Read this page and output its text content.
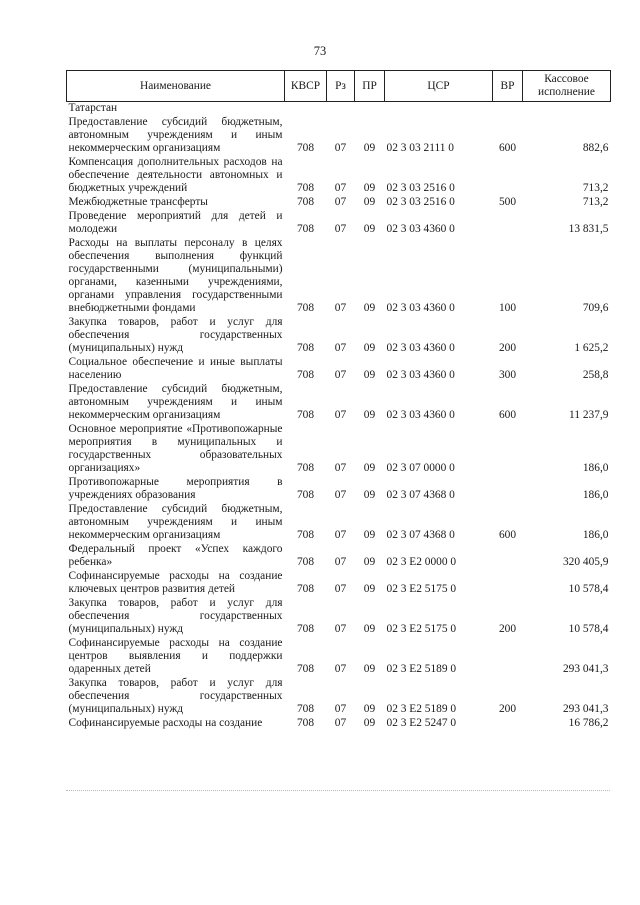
73
Наименование	КВСР	Рз	ПР	ЦСР	ВР	Кассовое исполнение
Татарстан						
Предоставление субсидий бюджетным, автономным учреждениям и иным некоммерческим организациям	708	07	09	02 3 03 2111 0	600	882,6
Компенсация дополнительных расходов на обеспечение деятельности автономных и бюджетных учреждений	708	07	09	02 3 03 2516 0		713,2
Межбюджетные трансферты	708	07	09	02 3 03 2516 0	500	713,2
Проведение мероприятий для детей и молодежи	708	07	09	02 3 03 4360 0		13 831,5
Расходы на выплаты персоналу в целях обеспечения выполнения функций государственными (муниципальными) органами, казенными учреждениями, органами управления государственными внебюджетными фондами	708	07	09	02 3 03 4360 0	100	709,6
Закупка товаров, работ и услуг для обеспечения государственных (муниципальных) нужд	708	07	09	02 3 03 4360 0	200	1 625,2
Социальное обеспечение и иные выплаты населению	708	07	09	02 3 03 4360 0	300	258,8
Предоставление субсидий бюджетным, автономным учреждениям и иным некоммерческим организациям	708	07	09	02 3 03 4360 0	600	11 237,9
Основное мероприятие «Противопожарные мероприятия в муниципальных и государственных образовательных организациях»	708	07	09	02 3 07 0000 0		186,0
Противопожарные мероприятия в учреждениях образования	708	07	09	02 3 07 4368 0		186,0
Предоставление субсидий бюджетным, автономным учреждениям и иным некоммерческим организациям	708	07	09	02 3 07 4368 0	600	186,0
Федеральный проект «Успех каждого ребенка»	708	07	09	02 3 E2 0000 0		320 405,9
Софинансируемые расходы на создание ключевых центров развития детей	708	07	09	02 3 E2 5175 0		10 578,4
Закупка товаров, работ и услуг для обеспечения государственных (муниципальных) нужд	708	07	09	02 3 E2 5175 0	200	10 578,4
Софинансируемые расходы на создание центров выявления и поддержки одаренных детей	708	07	09	02 3 E2 5189 0		293 041,3
Закупка товаров, работ и услуг для обеспечения государственных (муниципальных) нужд	708	07	09	02 3 E2 5189 0	200	293 041,3
Софинансируемые расходы на создание	708	07	09	02 3 E2 5247 0		16 786,2
